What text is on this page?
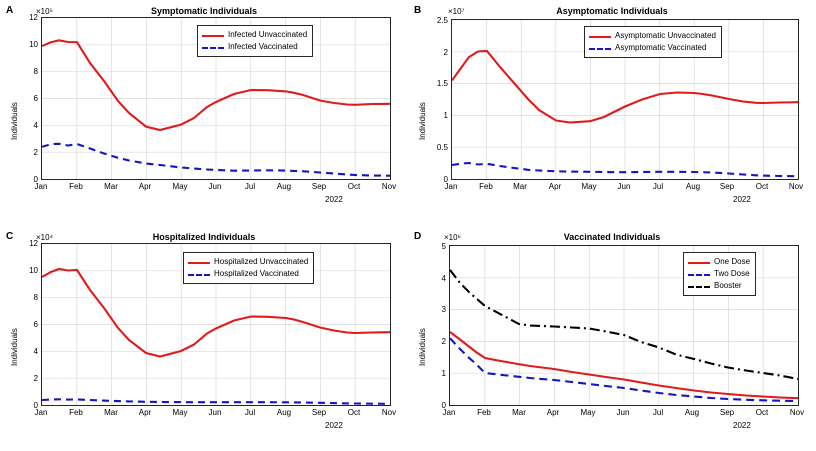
A	Symptomatic Individuals
×10⁵
Individuals
0
2
4
6
8
10
12
Jan	Feb	Mar	Apr	May	Jun	Jul	Aug	Sep	Oct	Nov
2022
Infected Unvaccinated
Infected Vaccinated
B	Asymptomatic Individuals
×10⁷
Individuals
0
0.5
1
1.5
2
2.5
Jan	Feb	Mar	Apr	May	Jun	Jul	Aug	Sep	Oct	Nov
2022
Asymptomatic Unvaccinated
Asymptomatic Vaccinated
C	Hospitalized Individuals
×10⁴
Individuals
0
2
4
6
8
10
12
Jan	Feb	Mar	Apr	May	Jun	Jul	Aug	Sep	Oct	Nov
2022
Hospitalized Unvaccinated
Hospitalized Vaccinated
D	Vaccinated Individuals
×10⁶
Individuals
0
1
2
3
4
5
Jan	Feb	Mar	Apr	May	Jun	Jul	Aug	Sep	Oct	Nov
2022
One Dose
Two Dose
Booster
